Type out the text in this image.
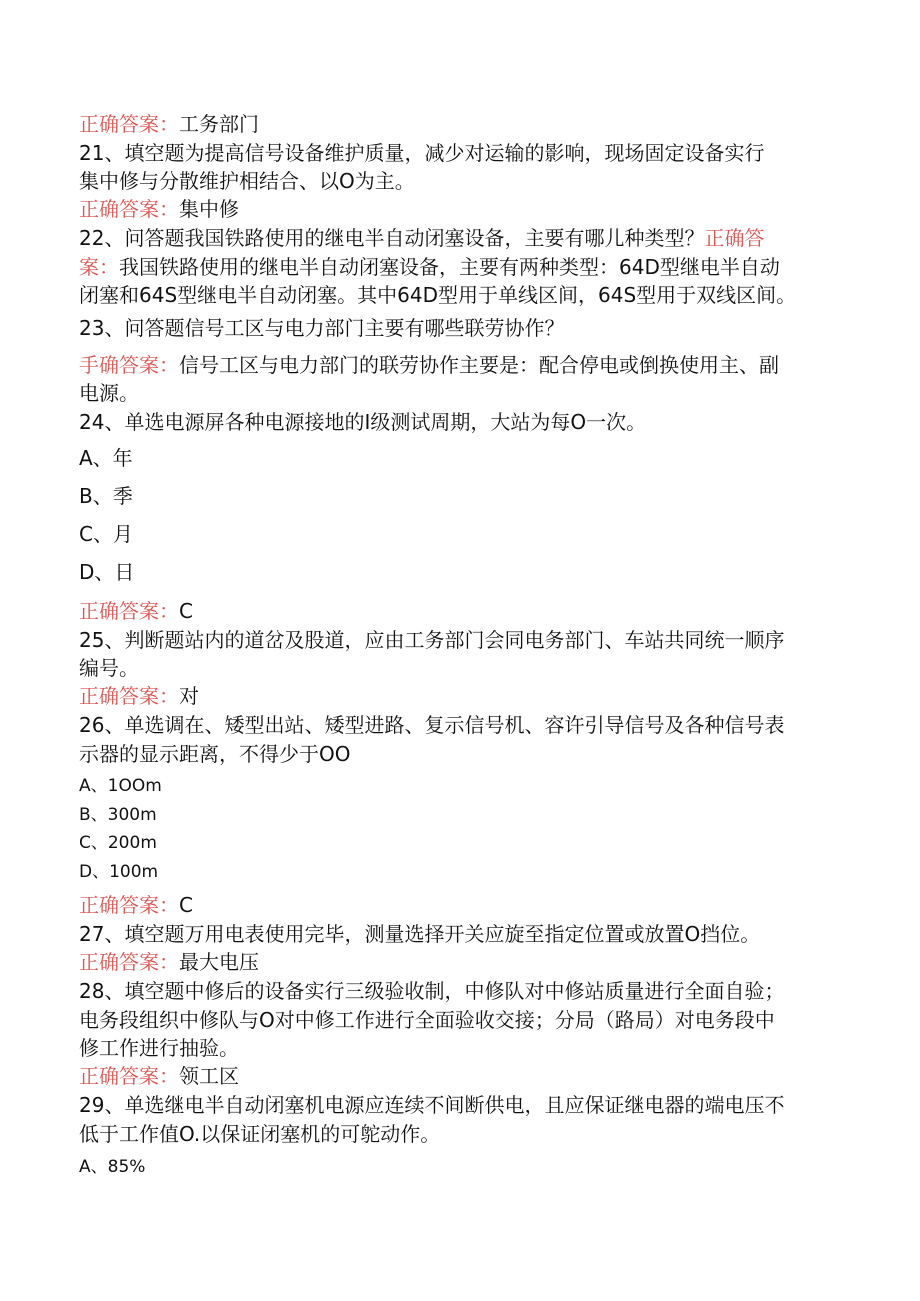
正确答案：工务部门
21、填空题为提高信号设备维护质量，减少对运输的影响，现场固定设备实行
集中修与分散维护相结合、以O为主。
正确答案：集中修
22、问答题我国铁路使用的继电半自动闭塞设备，主要有哪儿种类型？正确答
案：我国铁路使用的继电半自动闭塞设备，主要有两种类型：64D型继电半自动
闭塞和64S型继电半自动闭塞。其中64D型用于单线区间，64S型用于双线区间。
23、问答题信号工区与电力部门主要有哪些联劳协作？
手确答案：信号工区与电力部门的联劳协作主要是：配合停电或倒换使用主、副
电源。
24、单选电源屏各种电源接地的I级测试周期，大站为每O一次。
A、年
B、季
C、月
D、日
正确答案：C
25、判断题站内的道岔及股道，应由工务部门会同电务部门、车站共同统一顺序
编号。
正确答案：对
26、单选调在、矮型出站、矮型进路、复示信号机、容许引导信号及各种信号表
示器的显示距离，不得少于OO
A、1OOm
B、300m
C、200m
D、100m
正确答案：C
27、填空题万用电表使用完毕，测量选择开关应旋至指定位置或放置O挡位。
正确答案：最大电压
28、填空题中修后的设备实行三级验收制，中修队对中修站质量进行全面自验；
电务段组织中修队与O对中修工作进行全面验收交接；分局（路局）对电务段中
修工作进行抽验。
正确答案：领工区
29、单选继电半自动闭塞机电源应连续不间断供电，且应保证继电器的端电压不
低于工作值O.以保证闭塞机的可鸵动作。
A、85%
